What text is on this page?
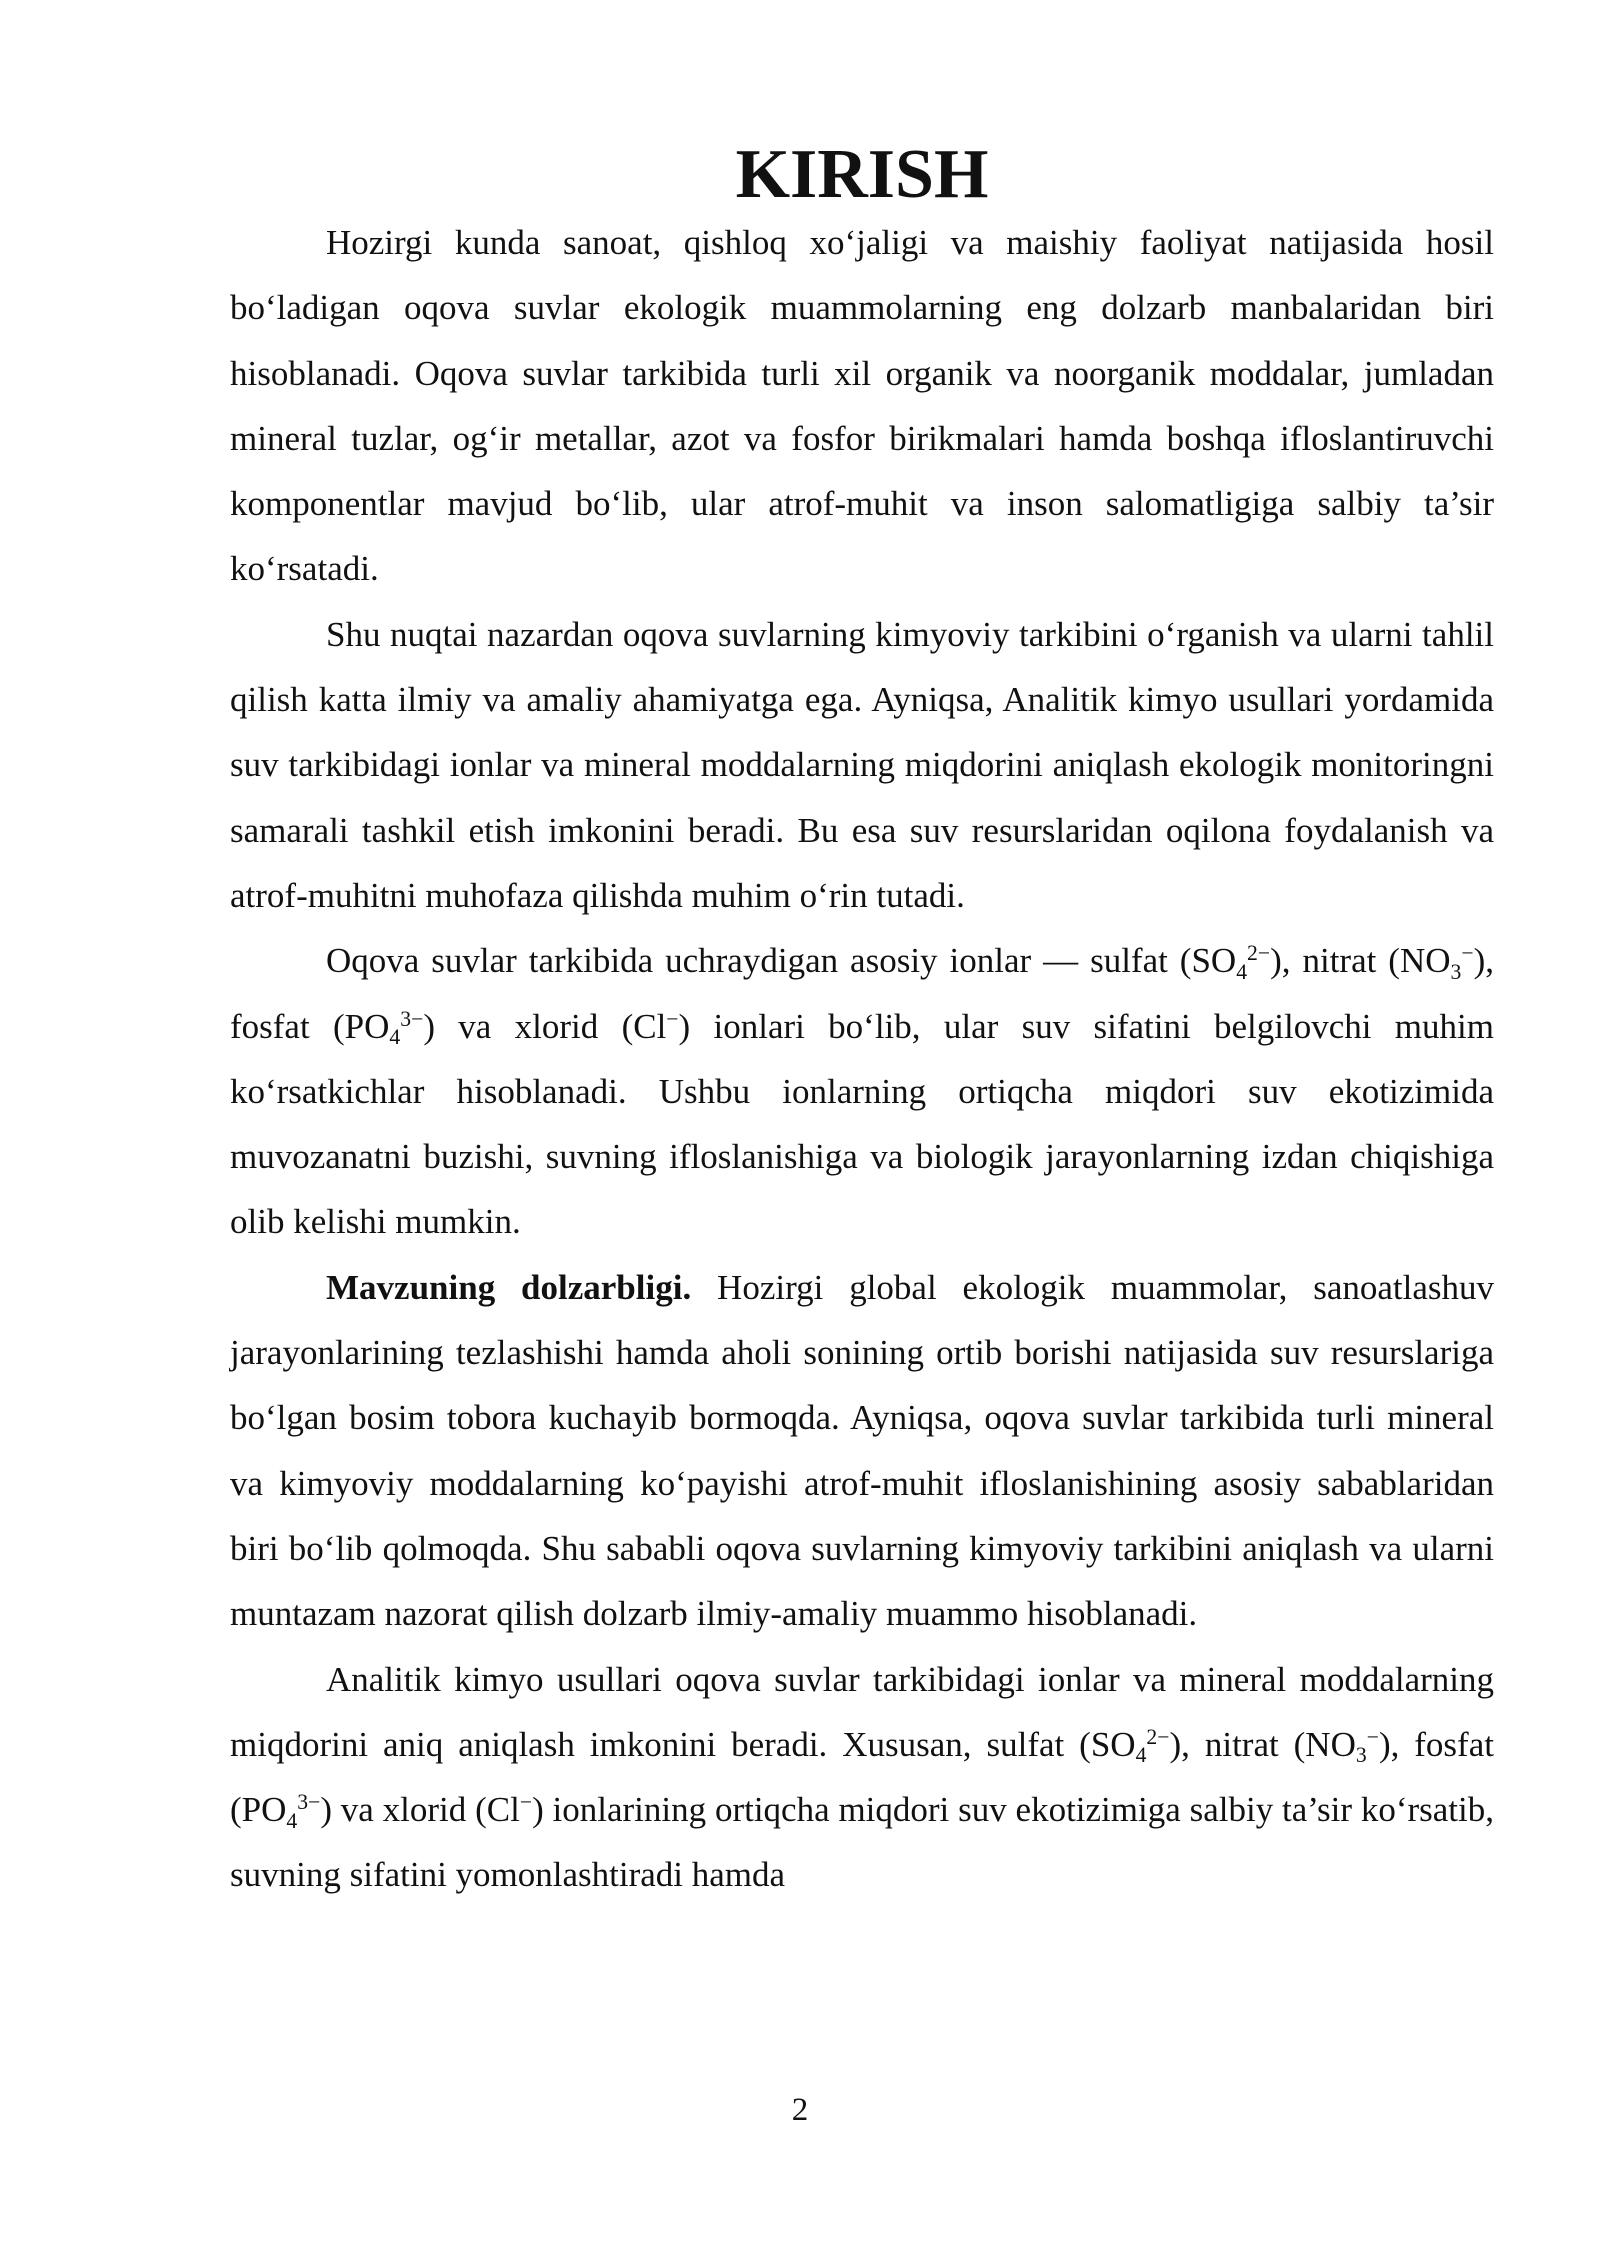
KIRISH

Hozirgi kunda sanoat, qishloq xo‘jaligi va maishiy faoliyat natijasida hosil bo‘ladigan oqova suvlar ekologik muammolarning eng dolzarb manbalaridan biri hisoblanadi. Oqova suvlar tarkibida turli xil organik va noorganik moddalar, jumladan mineral tuzlar, og‘ir metallar, azot va fosfor birikmalari hamda boshqa ifloslantiruvchi komponentlar mavjud bo‘lib, ular atrof-muhit va inson salomatligiga salbiy ta’sir ko‘rsatadi.

Shu nuqtai nazardan oqova suvlarning kimyoviy tarkibini o‘rganish va ularni tahlil qilish katta ilmiy va amaliy ahamiyatga ega. Ayniqsa, Analitik kimyo usullari yordamida suv tarkibidagi ionlar va mineral moddalarning miqdorini aniqlash ekologik monitoringni samarali tashkil etish imkonini beradi. Bu esa suv resurslaridan oqilona foydalanish va atrof-muhitni muhofaza qilishda muhim o‘rin tutadi.

Oqova suvlar tarkibida uchraydigan asosiy ionlar — sulfat $(SO_4^{2-})$, nitrat $(NO_3^-)$, fosfat $(PO_4^{3-})$ va xlorid (Cl−) ionlari bo‘lib, ular suv sifatini belgilovchi muhim ko‘rsatkichlar hisoblanadi. Ushbu ionlarning ortiqcha miqdori suv ekotizimida muvozanatni buzishi, suvning ifloslanishiga va biologik jarayonlarning izdan chiqishiga olib kelishi mumkin.

Mavzuning dolzarbligi. Hozirgi global ekologik muammolar, sanoatlashuv jarayonlarining tezlashishi hamda aholi sonining ortib borishi natijasida suv resurslariga bo‘lgan bosim tobora kuchayib bormoqda. Ayniqsa, oqova suvlar tarkibida turli mineral va kimyoviy moddalarning ko‘payishi atrof-muhit ifloslanishining asosiy sabablaridan biri bo‘lib qolmoqda. Shu sababli oqova suvlarning kimyoviy tarkibini aniqlash va ularni muntazam nazorat qilish dolzarb ilmiy-amaliy muammo hisoblanadi.

Analitik kimyo usullari oqova suvlar tarkibidagi ionlar va mineral moddalarning miqdorini aniq aniqlash imkonini beradi. Xususan, sulfat $(SO_4^{2-})$, nitrat $(NO_3^-)$, fosfat $(PO_4^{3-})$ va xlorid (Cl−) ionlarining ortiqcha miqdori suv ekotizimiga salbiy ta’sir ko‘rsatib, suvning sifatini yomonlashtiradi hamda

2
